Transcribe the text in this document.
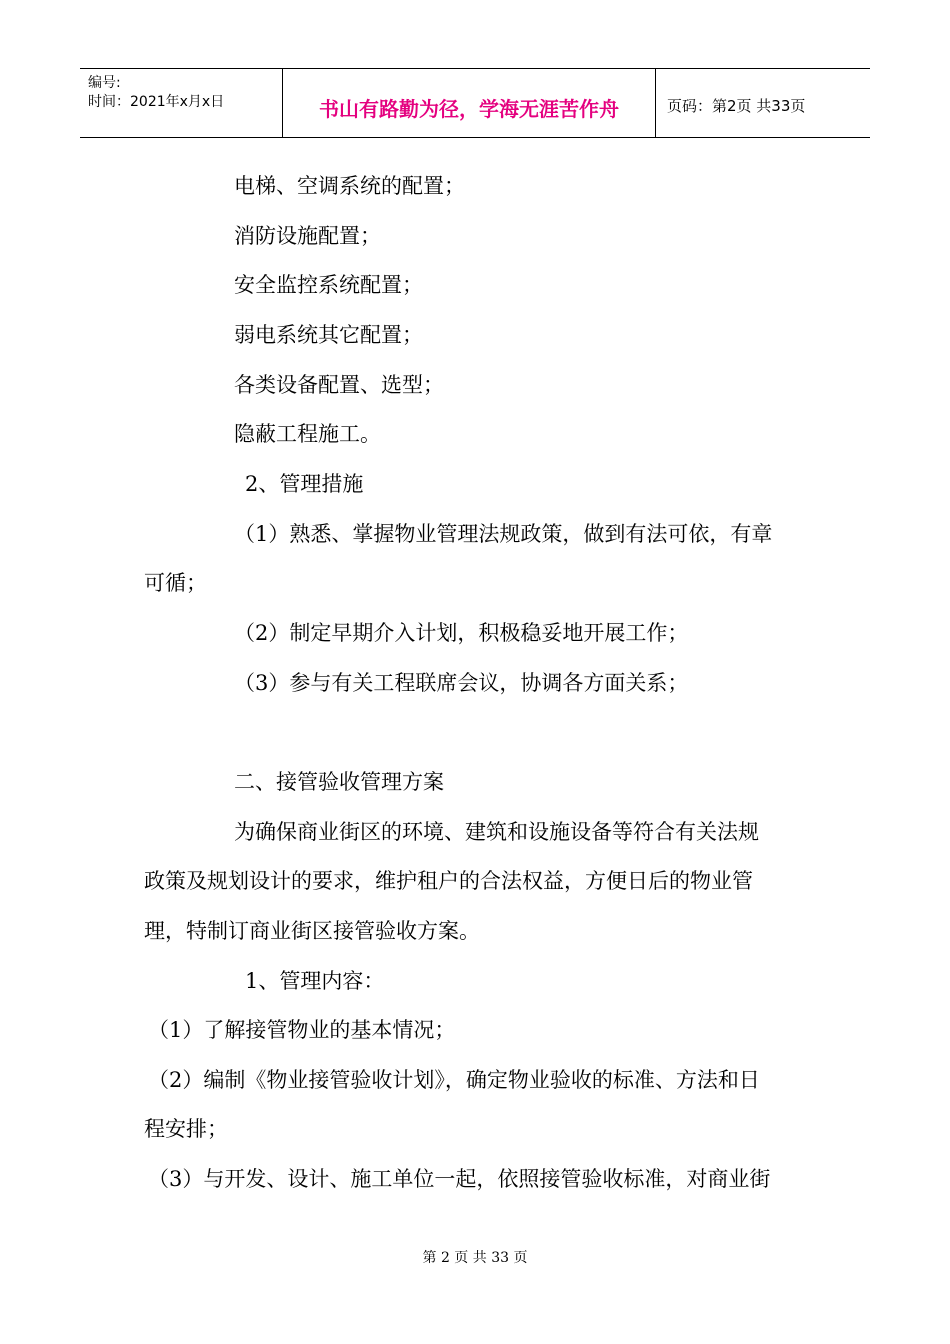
编号:
时间：2021年x月x日	书山有路勤为径，学海无涯苦作舟	页码：第2页 共33页

电梯、空调系统的配置；

消防设施配置；

安全监控系统配置；

弱电系统其它配置；

各类设备配置、选型；

隐蔽工程施工。

2、管理措施

（1）熟悉、掌握物业管理法规政策，做到有法可依，有章

可循；

（2）制定早期介入计划，积极稳妥地开展工作；

（3）参与有关工程联席会议，协调各方面关系；

二、接管验收管理方案

为确保商业街区的环境、建筑和设施设备等符合有关法规

政策及规划设计的要求，维护租户的合法权益，方便日后的物业管

理，特制订商业街区接管验收方案。

1、管理内容：

（1）了解接管物业的基本情况；

（2）编制《物业接管验收计划》，确定物业验收的标准、方法和日

程安排；

（3）与开发、设计、施工单位一起，依照接管验收标准，对商业街

第 2 页 共 33 页
